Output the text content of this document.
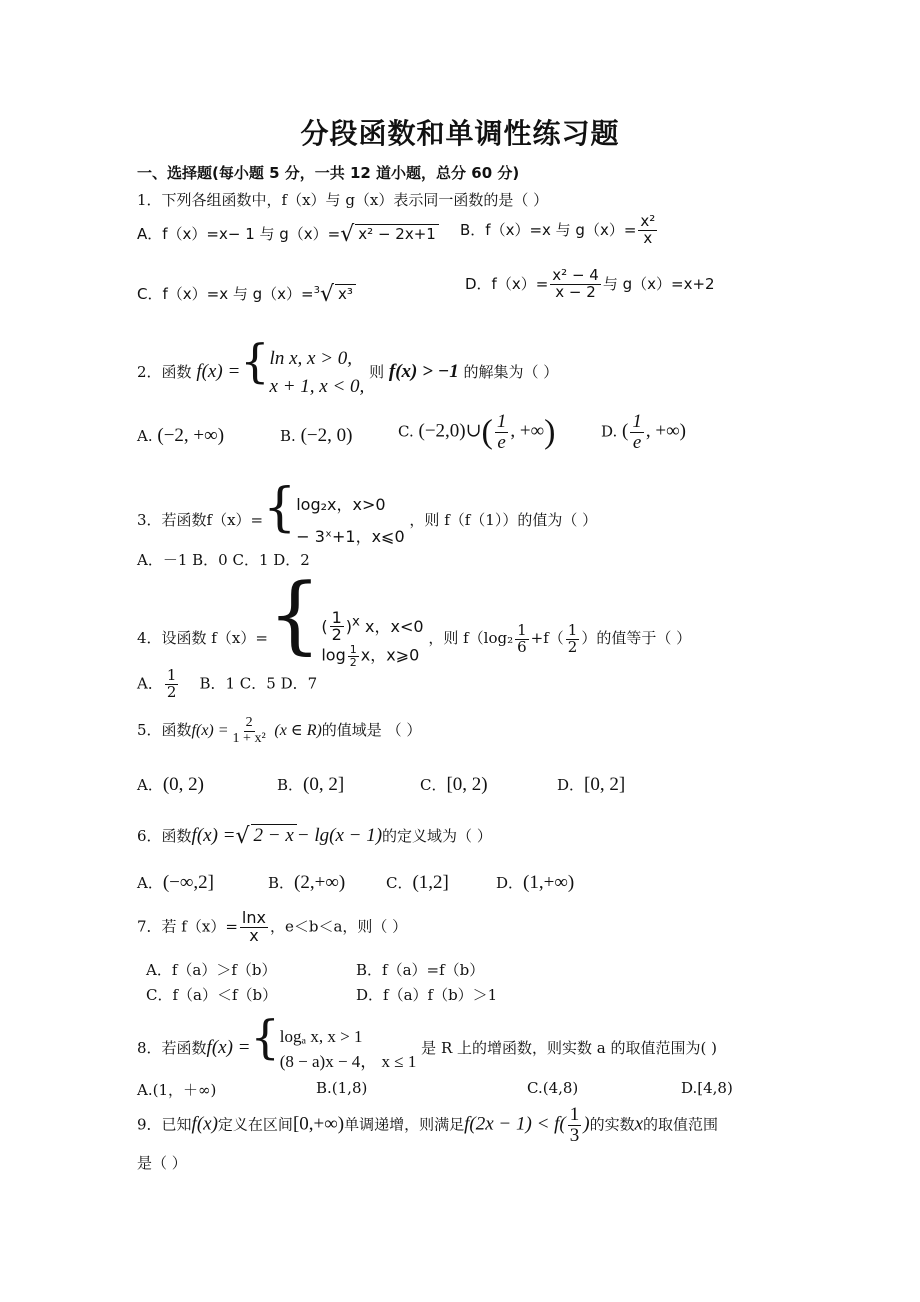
分段函数和单调性练习题
一、选择题(每小题 5 分，一共 12 道小题，总分 60 分)
1．下列各组函数中，f（x）与 g（x）表示同一函数的是（ ）
A．f（x）=x− 1 与 g（x）=√ x² − 2x+1 B．f（x）=x 与 $g(x)= \frac{\text{x²}}{x}$
C．f（x）=x 与 g（x）=$^3$√ x³
D．$f(x)= \frac{\text{x² − 4}}{x - 2}$ 与 g（x）=x+2
2．函数 f(x) ={ ln x, x > 0,
x + 1, x < 0,
则 f(x) > −1 的解集为（ ）
A. (−2, +∞)	B. (−2, 0)	C. (−2,0)∪( $\frac{1}{e}$ , +∞)	D. ( $\frac{1}{e}$ , +∞)
3．若函数f（x）={ log₂x，x>0
− 3ˣ+1，x⩽0
，则 f（f（1））的值为（ ）
A．－1 B．0 C．1 D．2
4．设函数 f（x）={ ( $\frac{1}{2} )^x$ x，x<0
$\log \frac{1}{2}$ x，x⩾0
，则 $f(\log_2 \frac{1}{6} +f( \frac{1}{2}$ ）的值等于（ ）
A． $\frac{1}{2}$ B．1 C．5 D．7
5．函数$f(x) = \frac{2}{\text{1 + x²}} (x$ ∈ R)的值域是 （ ）
A．(0, 2)	B．(0, 2]	C．[0, 2)	D．[0, 2]
6．函数f(x) =√ 2 − x − lg(x − 1)的定义域为（ ）
A．(−∞,2]	B．(2,+∞)	C．(1,2]	D．(1,+∞)
7．若 $f(x)= \frac{\ln x}{x}$ ，e＜b＜a，则（ ）
A．f（a）＞f（b）	B．f（a）=f（b）
C．f（a）＜f（b）	D．f（a）f（b）＞1
8．若函数f(x) ={ logₐ x, x > 1
(8 − a)x − 4， x ≤ 1
是 R 上的增函数，则实数 a 的取值范围为( )
A.(1，＋∞)	B.(1,8)	C.(4,8)	D.[4,8)
9．已知f(x)定义在区间[0,+∞)单调递增，则满足$f(2x - 1) < f( \frac{1}{3}$ )的实数x的取值范围
是（ ）
